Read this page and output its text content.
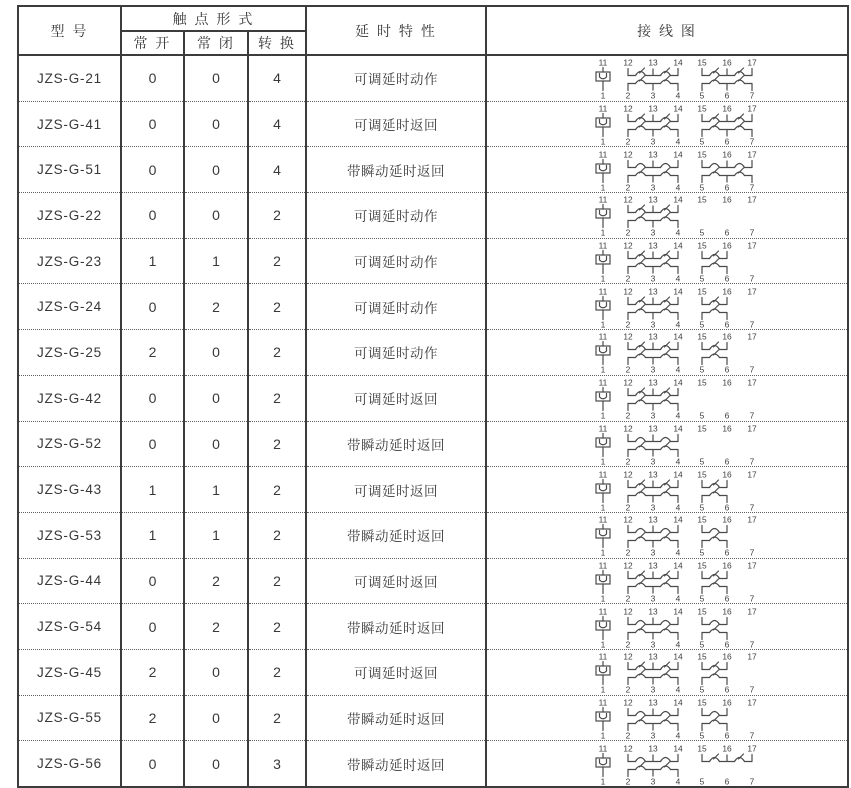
型 号	触 点 形 式			延 时 特 性	接 线 图
	常 开	常 闭	转 换		
JZS-G-21	0	0	4	可调延时动作	
11 12 13 14 15 16 17
1 2 3 4 5 6 7

JZS-G-41	0	0	4	可调延时返回	
11 12 13 14 15 16 17
1 2 3 4 5 6 7

JZS-G-51	0	0	4	带瞬动延时返回	
11 12 13 14 15 16 17
1 2 3 4 5 6 7

JZS-G-22	0	0	2	可调延时动作	
11 12 13 14 15 16 17
1 2 3 4 5 6 7

JZS-G-23	1	1	2	可调延时动作	
11 12 13 14 15 16 17
1 2 3 4 5 6 7

JZS-G-24	0	2	2	可调延时动作	
11 12 13 14 15 16 17
1 2 3 4 5 6 7

JZS-G-25	2	0	2	可调延时动作	
11 12 13 14 15 16 17
1 2 3 4 5 6 7

JZS-G-42	0	0	2	可调延时返回	
11 12 13 14 15 16 17
1 2 3 4 5 6 7

JZS-G-52	0	0	2	带瞬动延时返回	
11 12 13 14 15 16 17
1 2 3 4 5 6 7

JZS-G-43	1	1	2	可调延时返回	
11 12 13 14 15 16 17
1 2 3 4 5 6 7

JZS-G-53	1	1	2	带瞬动延时返回	
11 12 13 14 15 16 17
1 2 3 4 5 6 7

JZS-G-44	0	2	2	可调延时返回	
11 12 13 14 15 16 17
1 2 3 4 5 6 7

JZS-G-54	0	2	2	带瞬动延时返回	
11 12 13 14 15 16 17
1 2 3 4 5 6 7

JZS-G-45	2	0	2	可调延时返回	
11 12 13 14 15 16 17
1 2 3 4 5 6 7

JZS-G-55	2	0	2	带瞬动延时返回	
11 12 13 14 15 16 17
1 2 3 4 5 6 7

JZS-G-56	0	0	3	带瞬动延时返回	
11 12 13 14 15 16 17
1 2 3 4 5 6 7
